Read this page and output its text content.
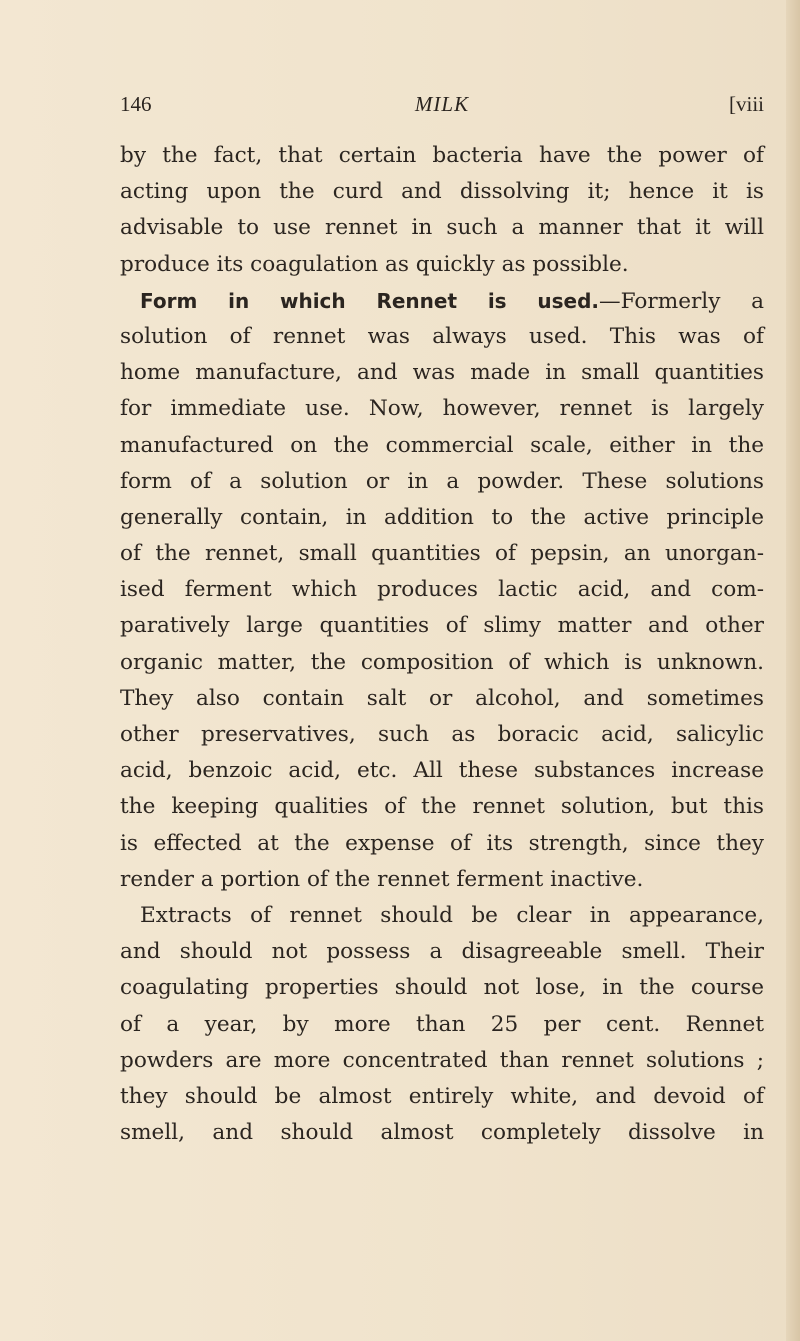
146	MILK	[viii
by the fact, that certain bacteria have the power of
acting upon the curd and dissolving it; hence it is
advisable to use rennet in such a manner that it will
produce its coagulation as quickly as possible.
Form in which Rennet is used.—Formerly a
solution of rennet was always used. This was of
home manufacture, and was made in small quantities
for immediate use. Now, however, rennet is largely
manufactured on the commercial scale, either in the
form of a solution or in a powder. These solutions
generally contain, in addition to the active principle
of the rennet, small quantities of pepsin, an unorgan-
ised ferment which produces lactic acid, and com-
paratively large quantities of slimy matter and other
organic matter, the composition of which is unknown.
They also contain salt or alcohol, and sometimes
other preservatives, such as boracic acid, salicylic
acid, benzoic acid, etc. All these substances increase
the keeping qualities of the rennet solution, but this
is effected at the expense of its strength, since they
render a portion of the rennet ferment inactive.
Extracts of rennet should be clear in appearance,
and should not possess a disagreeable smell. Their
coagulating properties should not lose, in the course
of a year, by more than 25 per cent. Rennet
powders are more concentrated than rennet solutions ;
they should be almost entirely white, and devoid of
smell, and should almost completely dissolve in
